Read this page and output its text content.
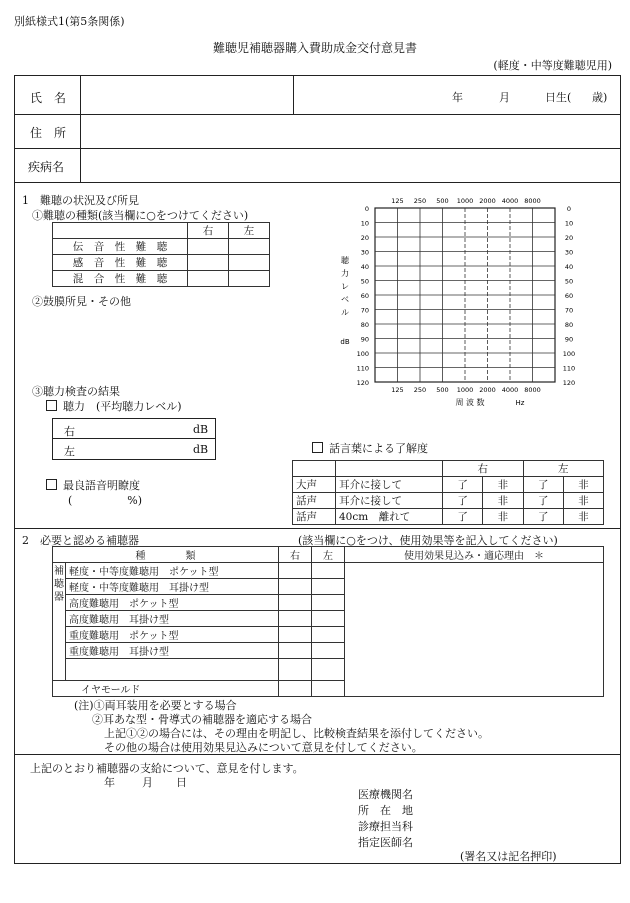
別紙様式1(第5条関係)
難聴児補聴器購入費助成金交付意見書
(軽度・中等度難聴児用)
氏　名	年	月	日生( 歳)
住　所
疾病名
1　難聴の状況及び所見
①難聴の種類(該当欄に○をつけてください)
	右	左
伝　音　性　難　聴		
感　音　性　難　聴		
混　合　性　難　聴		
②鼓膜所見・その他
③聴力検査の結果
聴力　(平均聴力レベル)
右	dB
左	dB
最良語音明瞭度
(　　　　　%)
話言葉による了解度
		右		左	
大声	耳介に接して	了	非	了	非
話声	耳介に接して	了	非	了	非
話声	40cm　離れて	了	非	了	非
125
125
250
250
500
500
1000
1000
2000
2000
4000
4000
8000
8000
0	0
10	10
20	20
30	30
40	40
50	50
60	60
70	70
80	80
90	90
100	100
110	110
120	120
聴
力
レ
ベ
ル
dB
周 波 数	Hz
2　必要と認める補聴器	(該当欄に○をつけ、使用効果等を記入してください)
種　　　　類		右	左	使用効果見込み・適応理由　＊
補聴器	軽度・中等度難聴用　ポケット型			
	軽度・中等度難聴用　耳掛け型			
	高度難聴用　ポケット型			
	高度難聴用　耳掛け型			
	重度難聴用　ポケット型			
	重度難聴用　耳掛け型			

イヤモールド				
(注)①両耳装用を必要とする場合
②耳あな型・骨導式の補聴器を適応する場合
上記①②の場合には、その理由を明記し、比較検査結果を添付してください。
その他の場合は使用効果見込みについて意見を付してください。
上記のとおり補聴器の支給について、意見を付します。
年 月 日
医療機関名
所　在　地
診療担当科
指定医師名
(署名又は記名押印)
